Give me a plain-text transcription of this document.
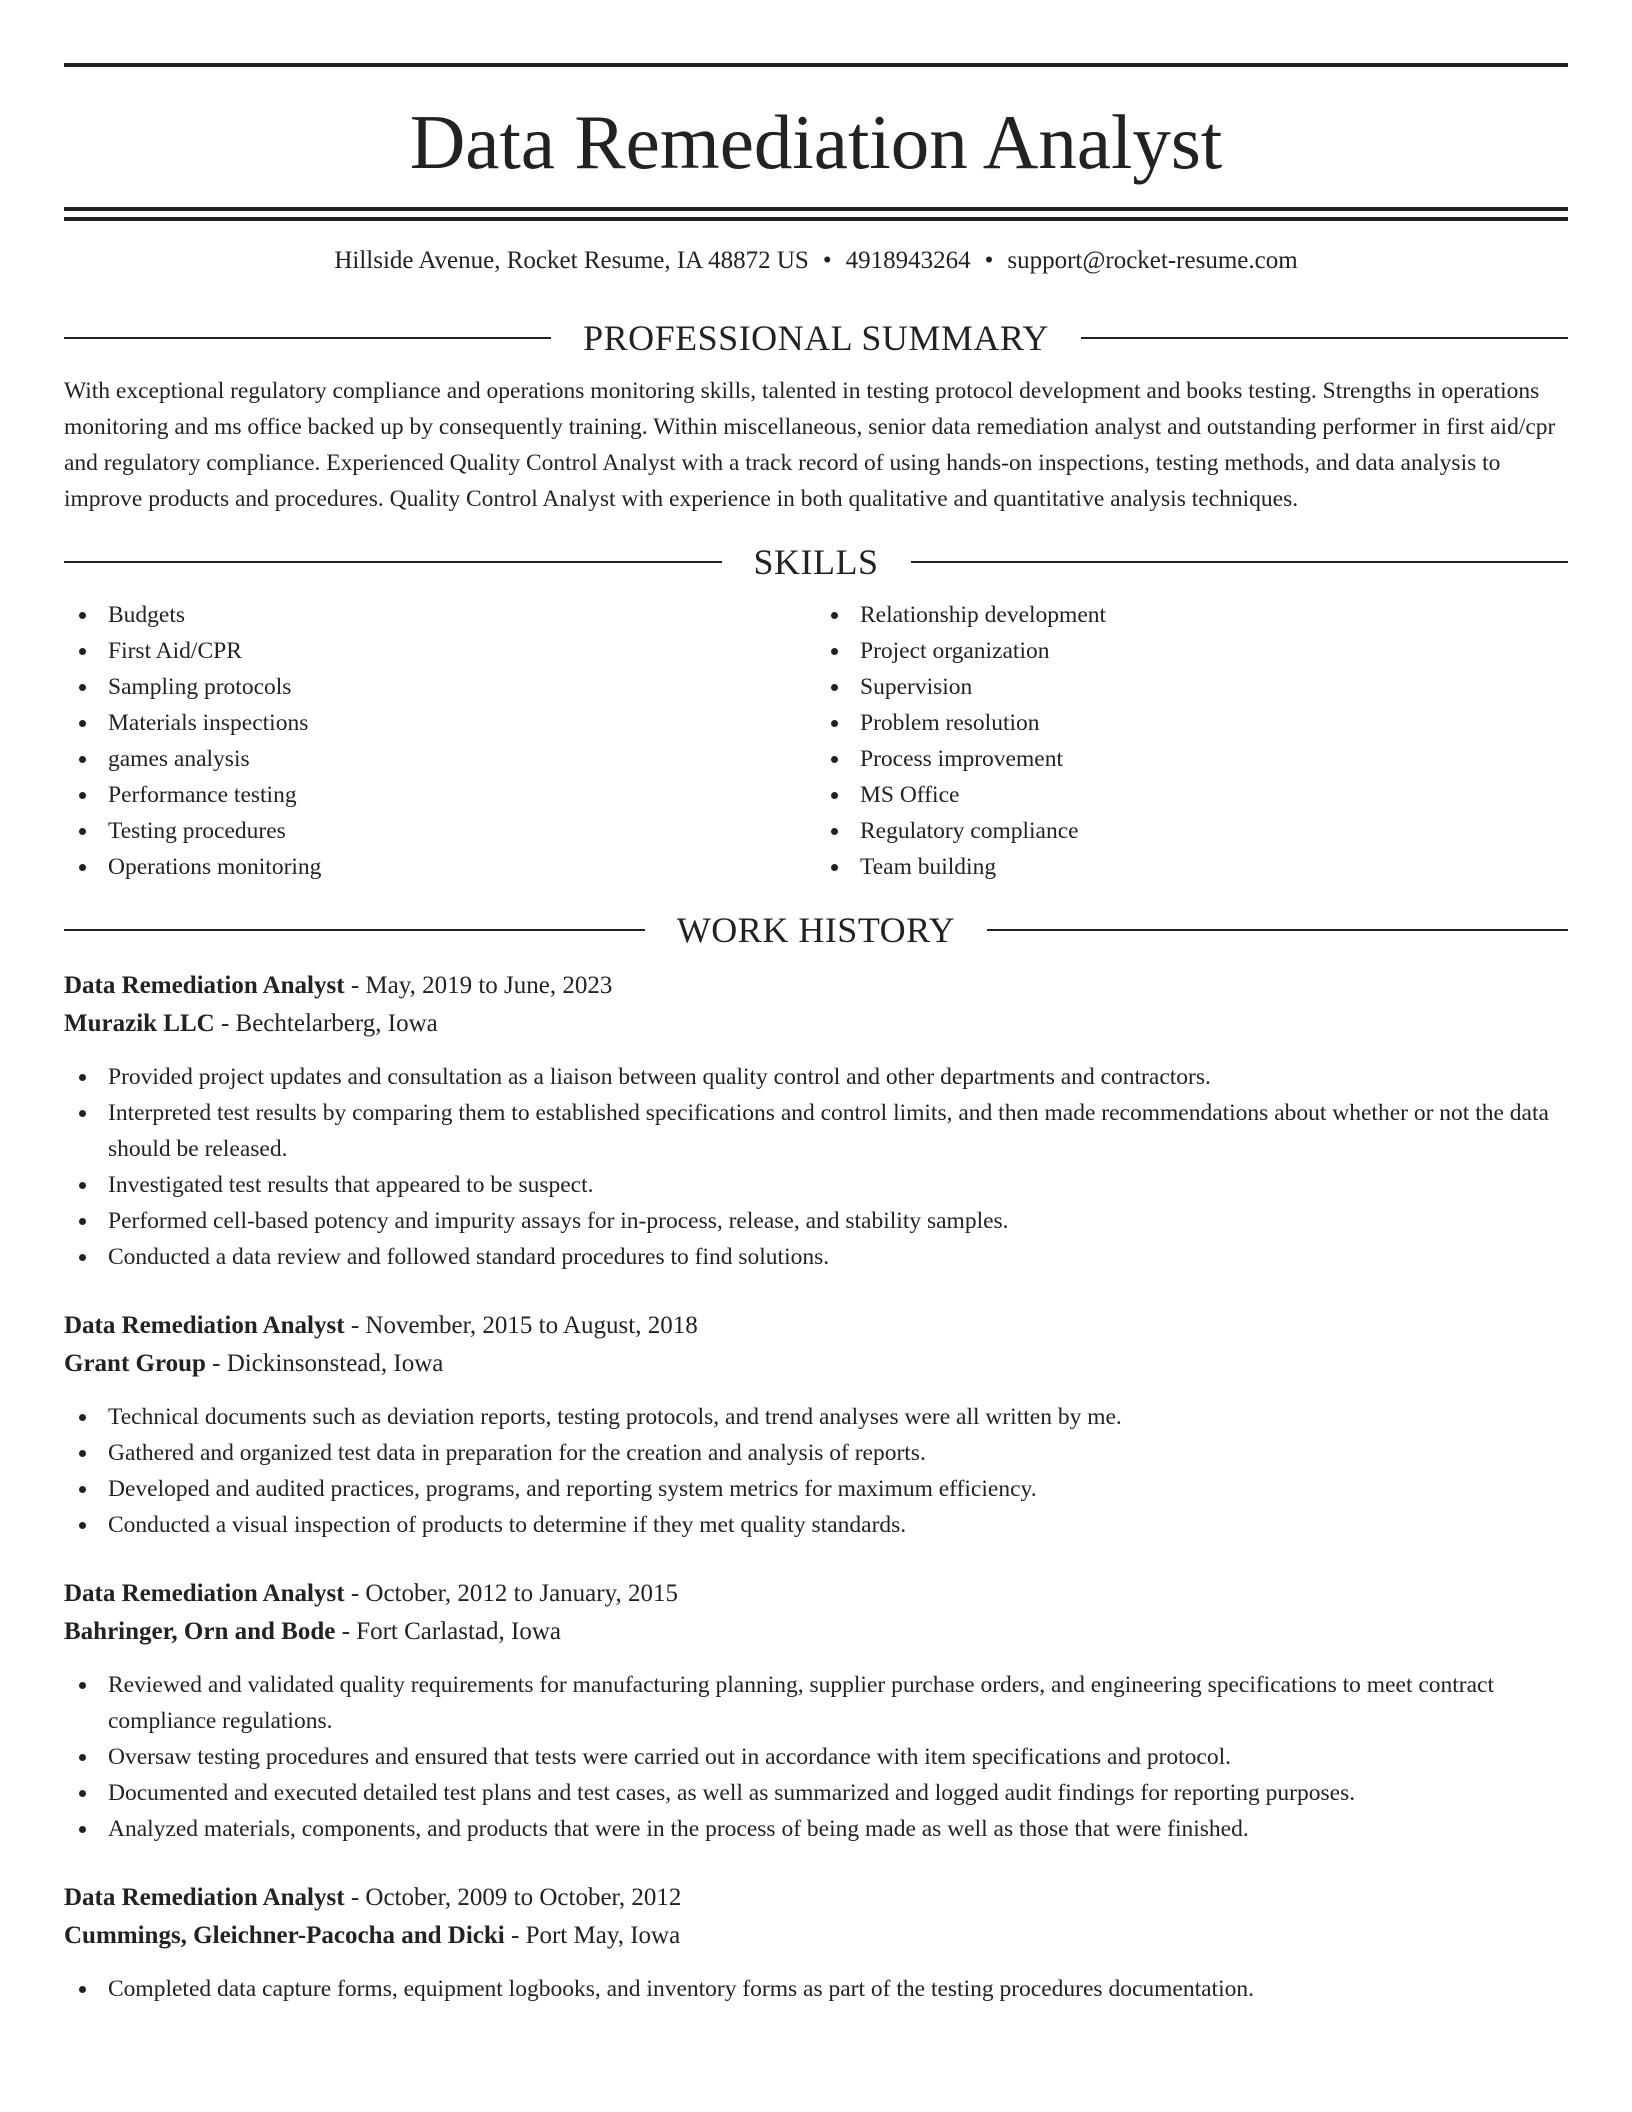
Data Remediation Analyst
Hillside Avenue, Rocket Resume, IA 48872 US • 4918943264 • support@rocket-resume.com
PROFESSIONAL SUMMARY

With exceptional regulatory compliance and operations monitoring skills, talented in testing protocol development and books testing. Strengths in operations monitoring and ms office backed up by consequently training. Within miscellaneous, senior data remediation analyst and outstanding performer in first aid/cpr and regulatory compliance. Experienced Quality Control Analyst with a track record of using hands-on inspections, testing methods, and data analysis to improve products and procedures. Quality Control Analyst with experience in both qualitative and quantitative analysis techniques.

SKILLS
Budgets
First Aid/CPR
Sampling protocols
Materials inspections
games analysis
Performance testing
Testing procedures
Operations monitoring
Relationship development
Project organization
Supervision
Problem resolution
Process improvement
MS Office
Regulatory compliance
Team building
WORK HISTORY
Data Remediation Analyst - May, 2019 to June, 2023
Murazik LLC - Bechtelarberg, Iowa
Provided project updates and consultation as a liaison between quality control and other departments and contractors.
Interpreted test results by comparing them to established specifications and control limits, and then made recommendations about whether or not the data should be released.
Investigated test results that appeared to be suspect.
Performed cell-based potency and impurity assays for in-process, release, and stability samples.
Conducted a data review and followed standard procedures to find solutions.
Data Remediation Analyst - November, 2015 to August, 2018
Grant Group - Dickinsonstead, Iowa
Technical documents such as deviation reports, testing protocols, and trend analyses were all written by me.
Gathered and organized test data in preparation for the creation and analysis of reports.
Developed and audited practices, programs, and reporting system metrics for maximum efficiency.
Conducted a visual inspection of products to determine if they met quality standards.
Data Remediation Analyst - October, 2012 to January, 2015
Bahringer, Orn and Bode - Fort Carlastad, Iowa
Reviewed and validated quality requirements for manufacturing planning, supplier purchase orders, and engineering specifications to meet contract compliance regulations.
Oversaw testing procedures and ensured that tests were carried out in accordance with item specifications and protocol.
Documented and executed detailed test plans and test cases, as well as summarized and logged audit findings for reporting purposes.
Analyzed materials, components, and products that were in the process of being made as well as those that were finished.
Data Remediation Analyst - October, 2009 to October, 2012
Cummings, Gleichner-Pacocha and Dicki - Port May, Iowa
Completed data capture forms, equipment logbooks, and inventory forms as part of the testing procedures documentation.
